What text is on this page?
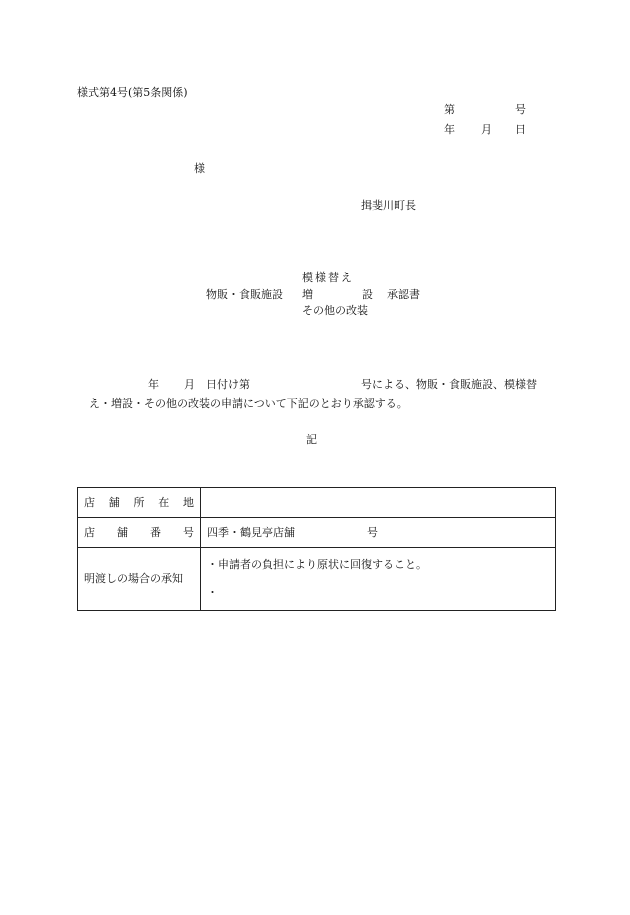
様式第4号(第5条関係)
第	号
年 月 日
様
揖斐川町長
物販・食販施設
模様替え
増	設
その他の改装
承認書
年 月 日付け第	号による、物販・食販施設、模様替
え・増設・その他の改装の申請について下記のとおり承認する。
記
店 舗 所 在 地	

店 舗 番 号	四季・鶴見亭店舗 号
明渡しの場合の承知	・申請者の負担により原状に回復すること。
・
